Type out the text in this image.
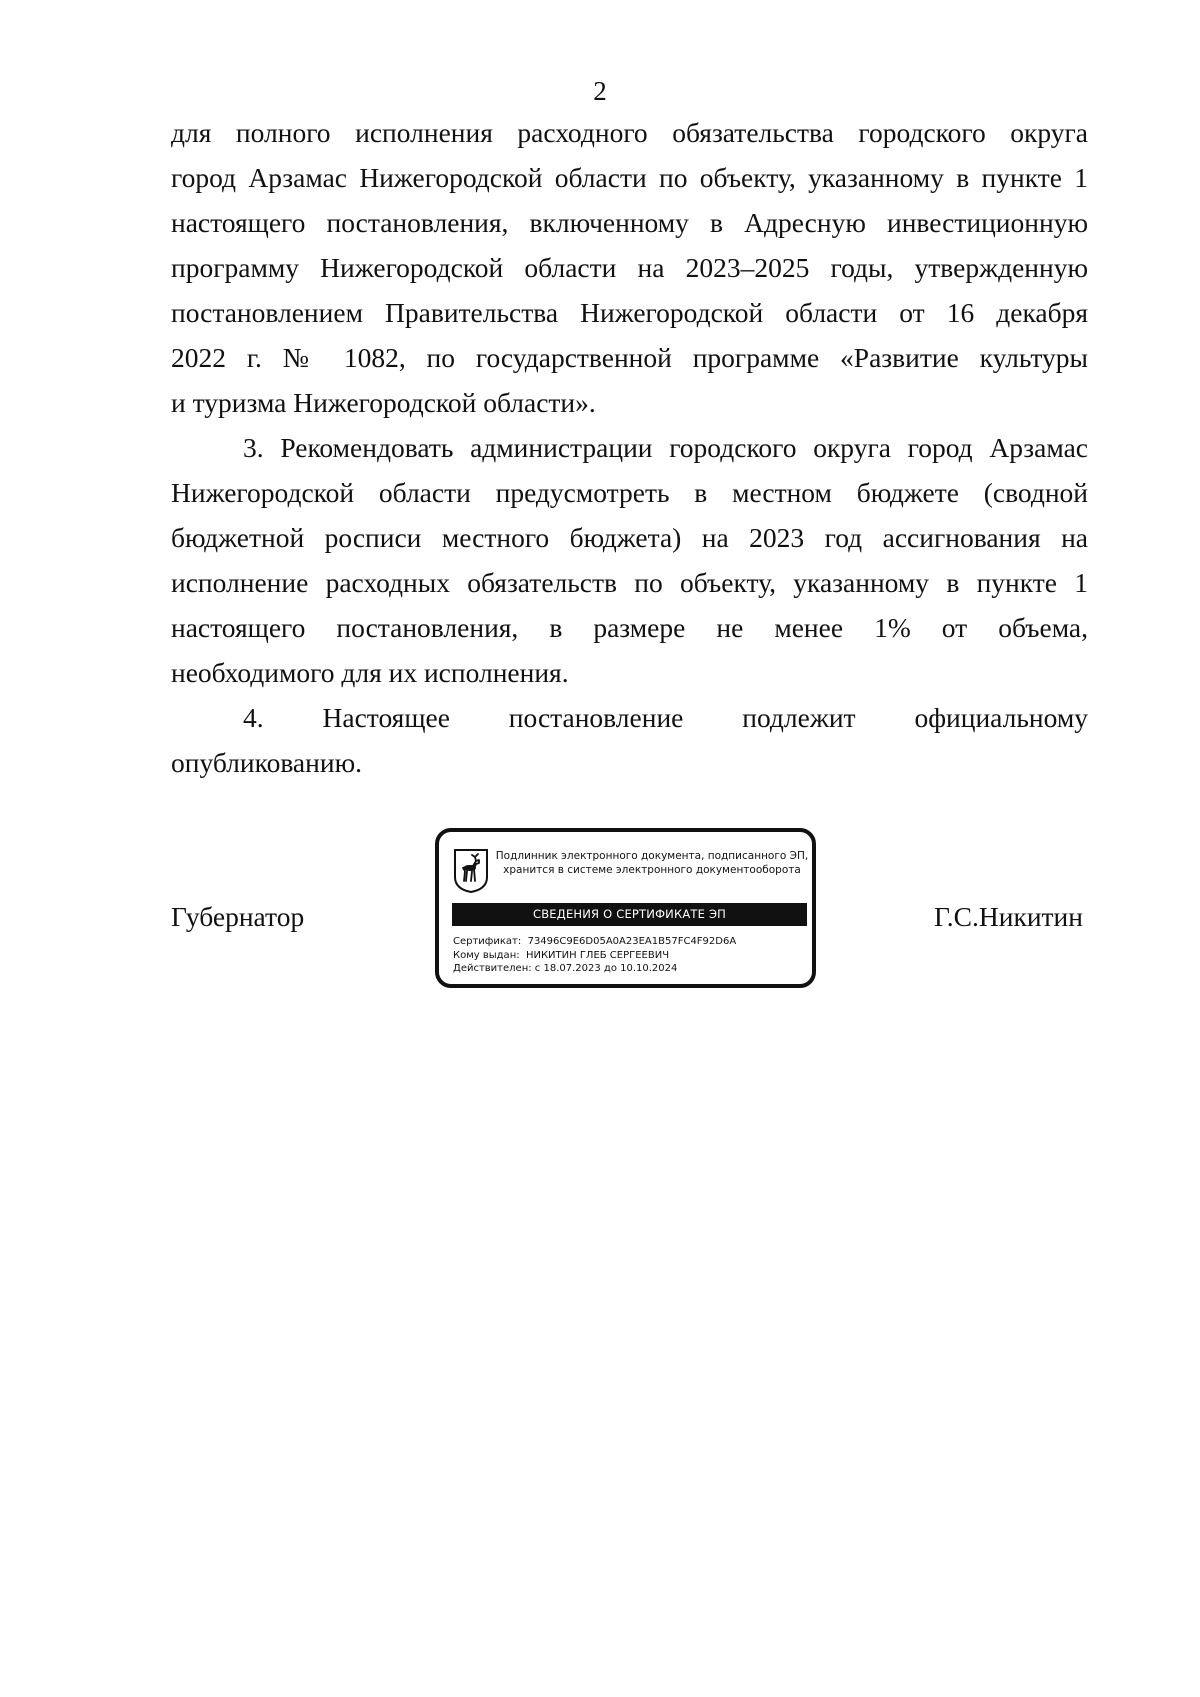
2
для полного исполнения расходного обязательства городского округа
город Арзамас Нижегородской области по объекту, указанному в пункте 1
настоящего постановления, включенному в Адресную инвестиционную
программу Нижегородской области на 2023–2025 годы, утвержденную
постановлением Правительства Нижегородской области от 16 декабря
2022 г. № 1082, по государственной программе «Развитие культуры
и туризма Нижегородской области».
3. Рекомендовать администрации городского округа город Арзамас
Нижегородской области предусмотреть в местном бюджете (сводной
бюджетной росписи местного бюджета) на 2023 год ассигнования на
исполнение расходных обязательств по объекту, указанному в пункте 1
настоящего постановления, в размере не менее 1% от объема,
необходимого для их исполнения.
4. Настоящее постановление подлежит официальному
опубликованию.
Губернатор	Г.С.Никитин
Подлинник электронного документа, подписанного ЭП,
хранится в системе электронного документооборота
СВЕДЕНИЯ О СЕРТИФИКАТЕ ЭП
Сертификат:  73496C9E6D05A0A23EA1B57FC4F92D6A
Кому выдан:  НИКИТИН ГЛЕБ СЕРГЕЕВИЧ
Действителен: с 18.07.2023 до 10.10.2024
